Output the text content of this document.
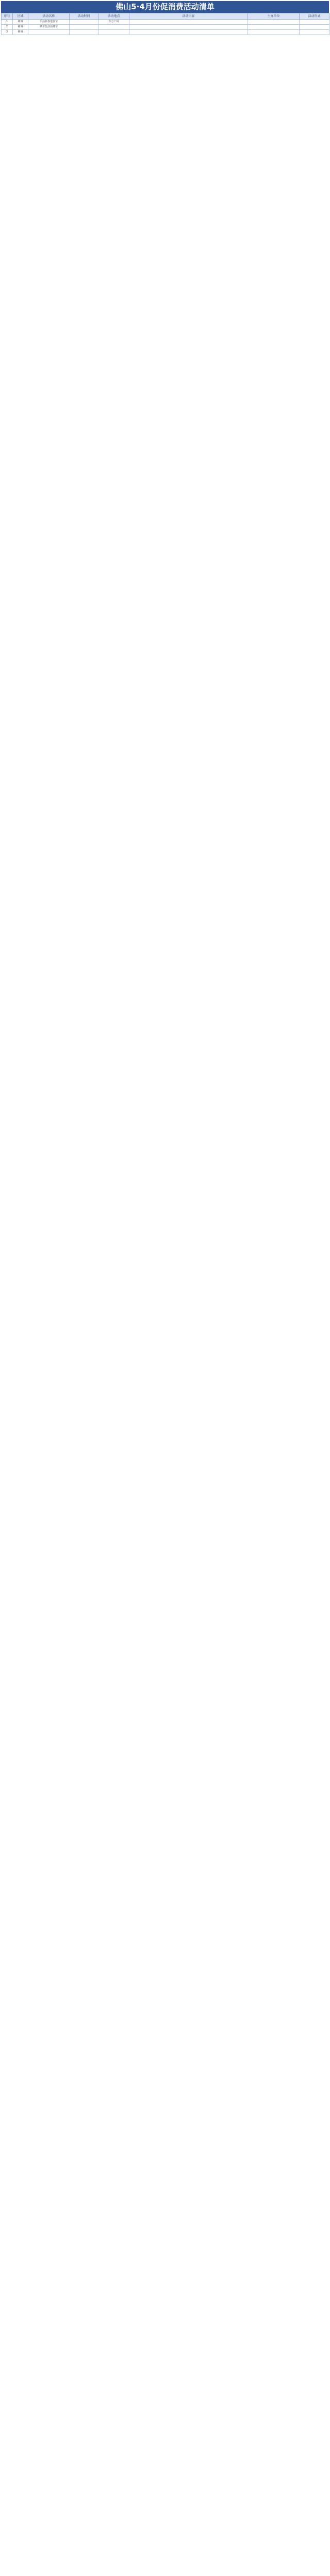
佛山5·4月份促消费活动清单
序号	区域	活动名称	活动时间	活动地点	活动内容	主办单位	活动形式
1	禅城	乐活新春电器节		东方广场			
2	禅城	城市生活消费节					
3	禅城						
